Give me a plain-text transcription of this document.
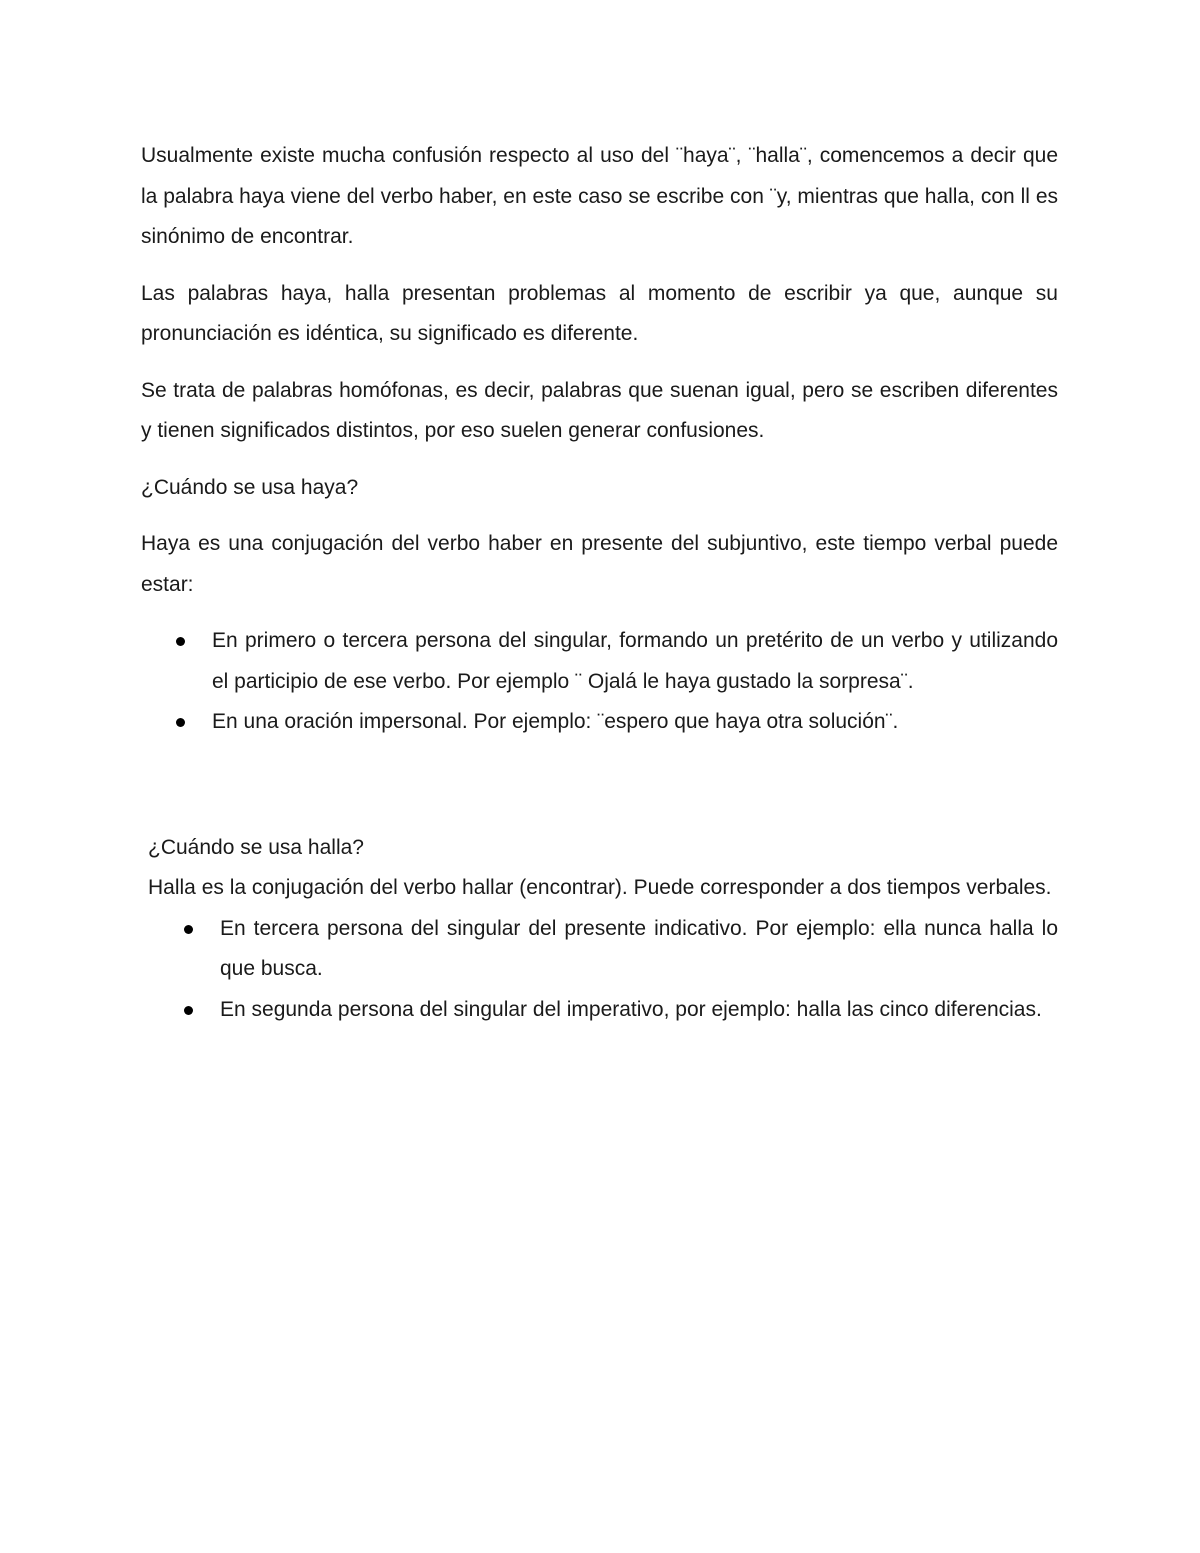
Usualmente existe mucha confusión respecto al uso del ¨haya¨, ¨halla¨, comencemos a decir que la palabra haya viene del verbo haber, en este caso se escribe con ¨y, mientras que halla, con ll es sinónimo de encontrar.

Las palabras haya, halla presentan problemas al momento de escribir ya que, aunque su pronunciación es idéntica, su significado es diferente.

Se trata de palabras homófonas, es decir, palabras que suenan igual, pero se escriben diferentes y tienen significados distintos, por eso suelen generar confusiones.

¿Cuándo se usa haya?

Haya es una conjugación del verbo haber en presente del subjuntivo, este tiempo verbal puede estar:

En primero o tercera persona del singular, formando un pretérito de un verbo y utilizando el participio de ese verbo. Por ejemplo ¨ Ojalá le haya gustado la sorpresa¨.
En una oración impersonal. Por ejemplo: ¨espero que haya otra solución¨.

¿Cuándo se usa halla?

Halla es la conjugación del verbo hallar (encontrar). Puede corresponder a dos tiempos verbales.

En tercera persona del singular del presente indicativo. Por ejemplo: ella nunca halla lo que busca.
En segunda persona del singular del imperativo, por ejemplo: halla las cinco diferencias.
